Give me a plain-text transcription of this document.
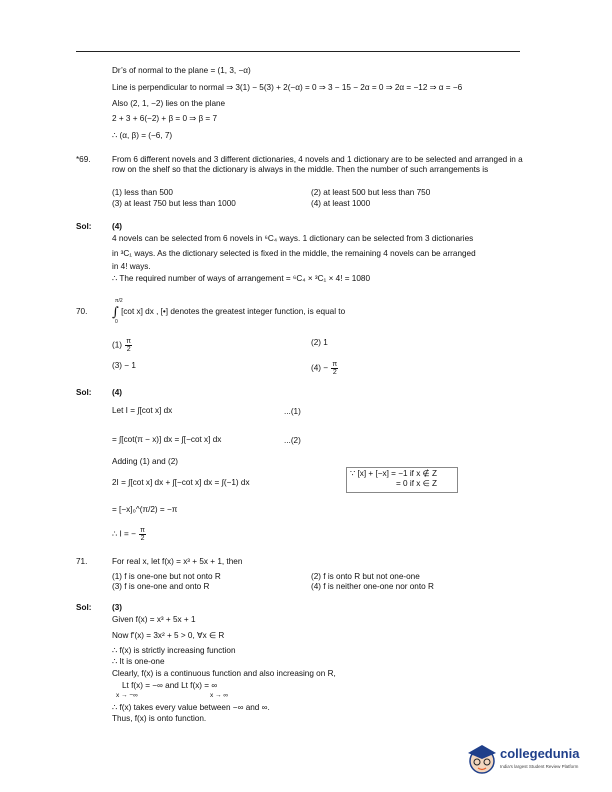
Dr’s of normal to the plane = (1, 3, −α)
Line is perpendicular to normal ⇒ 3(1) − 5(3) + 2(−α) = 0 ⇒ 3 − 15 − 2α = 0 ⇒ 2α = −12 ⇒ α = −6
Also (2, 1, −2) lies on the plane
2 + 3 + 6(−2) + β = 0 ⇒ β = 7
∴ (α, β) = (−6, 7)
*69.	From 6 different novels and 3 different dictionaries, 4 novels and 1 dictionary are to be selected and arranged in a row on the shelf so that the dictionary is always in the middle. Then the number of such arrangements is
(1) less than 500	(2) at least 500 but less than 750
(3) at least 750 but less than 1000	(4) at least 1000
Sol:	(4)
4 novels can be selected from 6 novels in ⁶C₄ ways. 1 dictionary can be selected from 3 dictionaries
in ³C₁ ways. As the dictionary selected is fixed in the middle, the remaining 4 novels can be arranged
in 4! ways.
∴ The required number of ways of arrangement = ⁶C₄ × ³C₁ × 4! = 1080
70. ∫ [cot x] dx , [•] denotes the greatest integer function, is equal to
π/2
0
$(1) \frac{\pi}{2}$	(2) 1
(3) − 1	$(4) - \frac{\pi}{2}$
Sol:	(4)
Let I = ∫[cot x] dx	...(1)
= ∫[cot(π − x)] dx = ∫[−cot x] dx	...(2)
Adding (1) and (2)
2I = ∫[cot x] dx + ∫[−cot x] dx = ∫(−1) dx
∵ [x] + [−x] = −1 if x ∉ Z
= 0 if x ∈ Z
= [−x]₀^(π/2) = −π
∴ I = − $\frac{\pi}{2}$
71.	For real x, let f(x) = x³ + 5x + 1, then
(1) f is one-one but not onto R	(2) f is onto R but not one-one
(3) f is one-one and onto R	(4) f is neither one-one nor onto R
Sol:	(3)
Given f(x) = x³ + 5x + 1
Now f′(x) = 3x² + 5 > 0, ∀x ∈ R
∴ f(x) is strictly increasing function
∴ It is one-one
Clearly, f(x) is a continuous function and also increasing on R,
Lt f(x) = −∞ and Lt f(x) = ∞
x → −∞	x → ∞
∴ f(x) takes every value between −∞ and ∞.
Thus, f(x) is onto function.
collegedunia
India's largest Student Review Platform
